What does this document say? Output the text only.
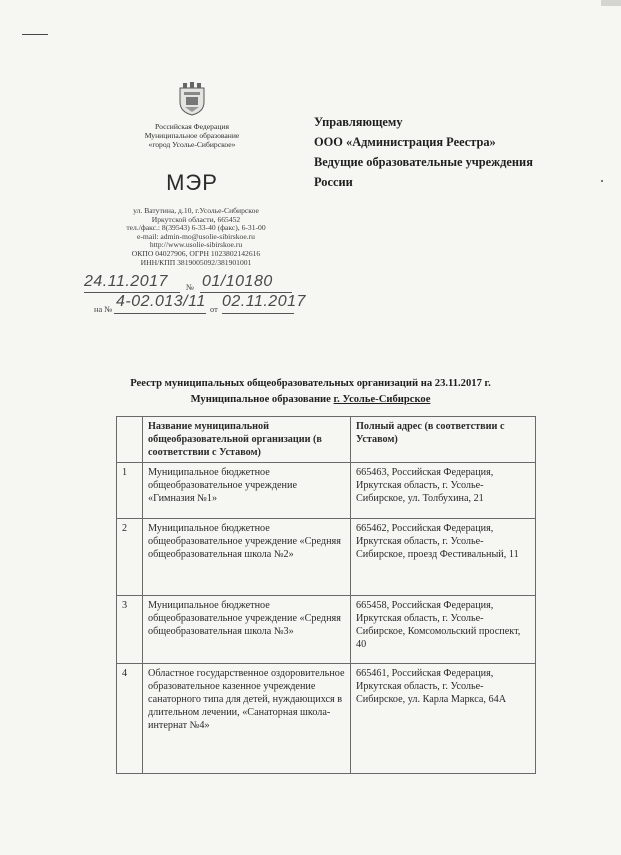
Российская Федерация
Муниципальное образование
«город Усолье-Сибирское»
МЭР
ул. Ватутина, д.10, г.Усолье-Сибирское
Иркутской области, 665452
тел./факс.: 8(39543) 6-33-40 (факс), 6-31-00
e-mail: admin-mo@usolie-sibirskoe.ru
http://www.usolie-sibirskoe.ru
ОКПО 04027906, ОГРН 1023802142616
ИНН/КПП 3819005092/381901001
24.11.2017 № 01/10180
на № 4-02.013/11 от 02.11.2017
Управляющему
ООО «Администрация Реестра»
Ведущие образовательные учреждения
России
Реестр муниципальных общеобразовательных организаций на 23.11.2017 г.
Муниципальное образование г. Усолье-Сибирское
	Название муниципальной общеобразовательной организации (в соответствии с Уставом)	Полный адрес (в соответствии с Уставом)
1	Муниципальное бюджетное общеобразовательное учреждение «Гимназия №1»	665463, Российская Федерация, Иркутская область, г. Усолье-Сибирское, ул. Толбухина, 21
2	Муниципальное бюджетное общеобразовательное учреждение «Средняя общеобразовательная школа №2»	665462, Российская Федерация, Иркутская область, г. Усолье-Сибирское, проезд Фестивальный, 11
3	Муниципальное бюджетное общеобразовательное учреждение «Средняя общеобразовательная школа №3»	665458, Российская Федерация, Иркутская область, г. Усолье-Сибирское, Комсомольский проспект, 40
4	Областное государственное оздоровительное образовательное казенное учреждение санаторного типа для детей, нуждающихся в длительном лечении, «Санаторная школа-интернат №4»	665461, Российская Федерация, Иркутская область, г. Усолье-Сибирское, ул. Карла Маркса, 64А
